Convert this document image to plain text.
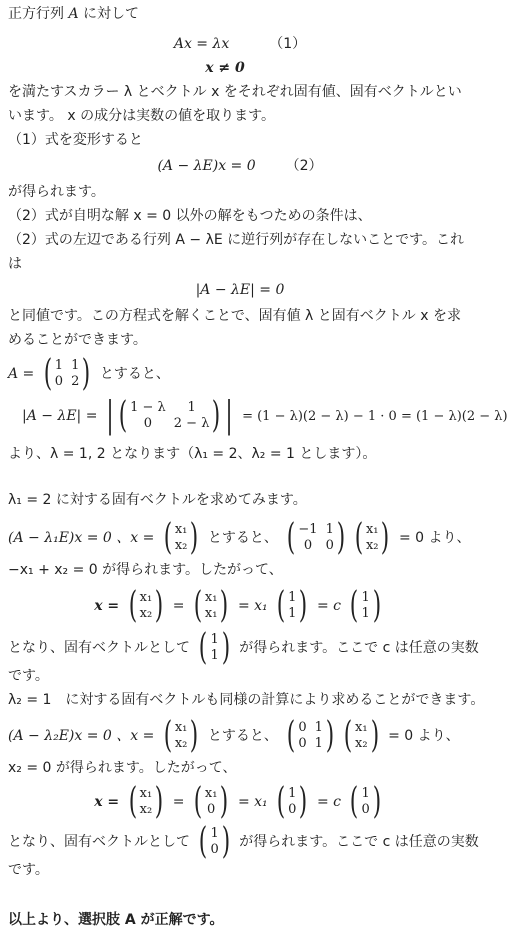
正方行列 A に対して
Ax = λx	（1）
x ≠ 0
を満たすスカラー λ とベクトル x をそれぞれ固有値、固有ベクトルとい
います。 x の成分は実数の値を取ります。
（1）式を変形すると
(A − λE)x = 0 （2）
が得られます。
（2）式が自明な解 x = 0 以外の解をもつための条件は、
（2）式の左辺である行列 A − λE に逆行列が存在しないことです。これ
は
|A − λE| = 0
と同値です。この方程式を解くことで、固有値 λ と固有ベクトル x を求
めることができます。
A = ( 1 1
0 2 ) とすると、
|A − λE| = | ( 1 − λ	1
0	2 − λ ) | = (1 − λ)(2 − λ) − 1 · 0 = (1 − λ)(2 − λ)
より、λ = 1, 2 となります（λ₁ = 2、λ₂ = 1 とします）。
λ₁ = 2 に対する固有ベクトルを求めてみます。
(A − λ₁E)x = 0 、x = ( x₁
x₂ ) とすると、 ( −1 1
0	0 ) ( x₁
x₂ ) = 0 より、
−x₁ + x₂ = 0 が得られます。したがって、
x = ( x₁
x₂ ) = ( x₁
x₁ ) = x₁ ( 1
1 ) = c ( 1
1 )
となり、固有ベクトルとして ( 1
1 ) が得られます。ここで c は任意の実数
です。
λ₂ = 1　に対する固有ベクトルも同様の計算により求めることができます。
(A − λ₂E)x = 0 、x = ( x₁
x₂ ) とすると、 ( 0 1
0 1 ) ( x₁
x₂ ) = 0 より、
x₂ = 0 が得られます。したがって、
x = ( x₁
x₂ ) = ( x₁
0 ) = x₁ ( 1
0 ) = c ( 1
0 )
となり、固有ベクトルとして ( 1
0 ) が得られます。ここで c は任意の実数
です。
以上より、選択肢 A が正解です。
